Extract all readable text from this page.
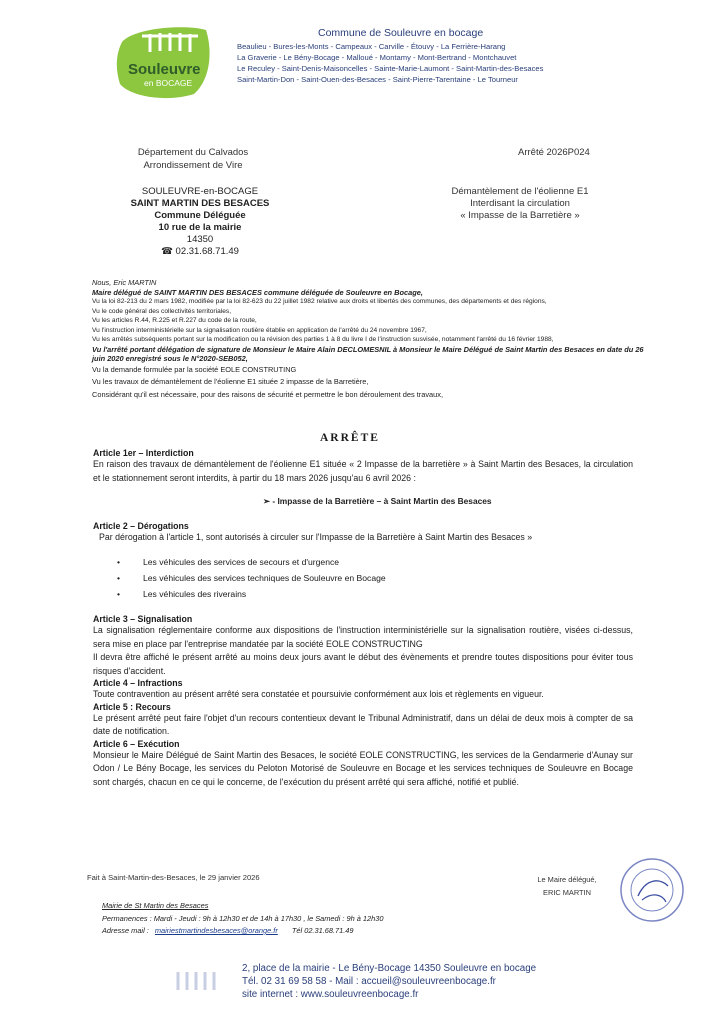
Souleuvre
en BOCAGE
Commune de Souleuvre en bocage
Beaulieu - Bures-les-Monts - Campeaux - Carville - Étouvy - La Ferrière-Harang
La Graverie - Le Bény-Bocage - Malloué - Montamy - Mont-Bertrand - Montchauvet
Le Reculey - Saint-Denis-Maisoncelles - Sainte-Marie-Laumont - Saint-Martin-des-Besaces
Saint-Martin-Don - Saint-Ouen-des-Besaces - Saint-Pierre-Tarentaine - Le Tourneur
Département du Calvados
Arrondissement de Vire
Arrêté 2026P024
SOULEUVRE-en-BOCAGE
SAINT MARTIN DES BESACES
Commune Déléguée
10 rue de la mairie
14350
☎ 02.31.68.71.49
Démantèlement de l'éolienne E1
Interdisant la circulation
« Impasse de la Barretière »
Nous, Eric MARTIN
Maire délégué de SAINT MARTIN DES BESACES commune déléguée de Souleuvre en Bocage,
Vu la loi 82-213 du 2 mars 1982, modifiée par la loi 82-623 du 22 juillet 1982 relative aux droits et libertés des communes, des départements et des régions,
Vu le code général des collectivités territoriales,
Vu les articles R.44, R.225 et R.227 du code de la route,
Vu l'instruction interministérielle sur la signalisation routière établie en application de l'arrêté du 24 novembre 1967,
Vu les arrêtés subséquents portant sur la modification ou la révision des parties 1 à 8 du livre I de l'instruction susvisée, notamment l'arrêté du 16 février 1988,
Vu l'arrêté portant délégation de signature de Monsieur le Maire Alain DECLOMESNIL à Monsieur le Maire Délégué de Saint Martin des Besaces en date du 26 juin 2020 enregistré sous le N°2020-SEB052,
Vu la demande formulée par la société EOLE CONSTRUTING
Vu les travaux de démantèlement de l'éolienne E1 située 2 impasse de la Barretière,
Considérant qu'il est nécessaire, pour des raisons de sécurité et permettre le bon déroulement des travaux,
ARRÊTE

Article 1er – Interdiction

En raison des travaux de démantèlement de l'éolienne E1 située « 2 Impasse de la barretière » à Saint Martin des Besaces, la circulation et le stationnement seront interdits, à partir du 18 mars 2026 jusqu'au 6 avril 2026 :

➢ - Impasse de la Barretière – à Saint Martin des Besaces

Article 2 – Dérogations

Par dérogation à l'article 1, sont autorisés à circuler sur l'Impasse de la Barretière à Saint Martin des Besaces »

• Les véhicules des services de secours et d'urgence
• Les véhicules des services techniques de Souleuvre en Bocage
• Les véhicules des riverains

Article 3 – Signalisation

La signalisation réglementaire conforme aux dispositions de l'instruction interministérielle sur la signalisation routière, visées ci-dessus, sera mise en place par l'entreprise mandatée par la société EOLE CONSTRUCTING

Il devra être affiché le présent arrêté au moins deux jours avant le début des évènements et prendre toutes dispositions pour éviter tous risques d'accident.

Article 4 – Infractions

Toute contravention au présent arrêté sera constatée et poursuivie conformément aux lois et règlements en vigueur.

Article 5 : Recours

Le présent arrêté peut faire l'objet d'un recours contentieux devant le Tribunal Administratif, dans un délai de deux mois à compter de sa date de notification.

Article 6 – Exécution

Monsieur le Maire Délégué de Saint Martin des Besaces, le société EOLE CONSTRUCTING, les services de la Gendarmerie d'Aunay sur Odon / Le Bény Bocage, les services du Peloton Motorisé de Souleuvre en Bocage et les services techniques de Souleuvre en Bocage sont chargés, chacun en ce qui le concerne, de l'exécution du présent arrêté qui sera affiché, notifié et publié.

Fait à Saint-Martin-des-Besaces, le 29 janvier 2026	Le Maire délégué,
ERIC MARTIN
Mairie de St Martin des Besaces
Permanences : Mardi - Jeudi : 9h à 12h30 et de 14h à 17h30 , le Samedi : 9h à 12h30
Adresse mail : mairiestmartindesbesaces@orange.fr Tél 02.31.68.71.49
2, place de la mairie - Le Bény-Bocage 14350 Souleuvre en bocage
Tél. 02 31 69 58 58 - Mail : accueil@souleuvreenbocage.fr
site internet : www.souleuvreenbocage.fr
